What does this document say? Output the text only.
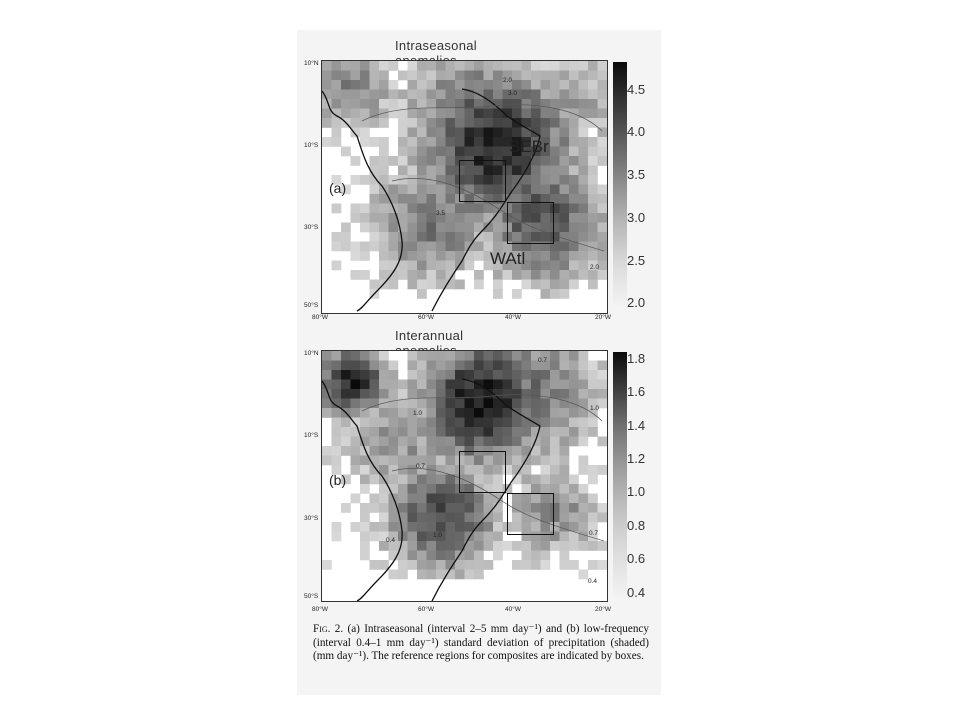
Intraseasonal
10°N
10°S
30°S
50°S
80°W	60°W	40°W	20°W
(a)
SEBr
WAtl
4.5
4.0
3.5
3.0
2.5
2.0
2.0
3.0
3.5
2.0
Interannual
10°N
10°S
30°S
50°S
80°W	60°W	40°W	20°W
(b)
1.8
1.6
1.4
1.2
1.0
0.8
0.6
0.4
0.7
1.0
1.0
0.7
0.4
1.0	0.7
0.4
Fig. 2. (a) Intraseasonal (interval 2–5 mm day⁻¹) and (b) low-frequency (interval 0.4–1 mm day⁻¹) standard deviation of precipitation (shaded) (mm day⁻¹). The reference regions for composites are indicated by boxes.
